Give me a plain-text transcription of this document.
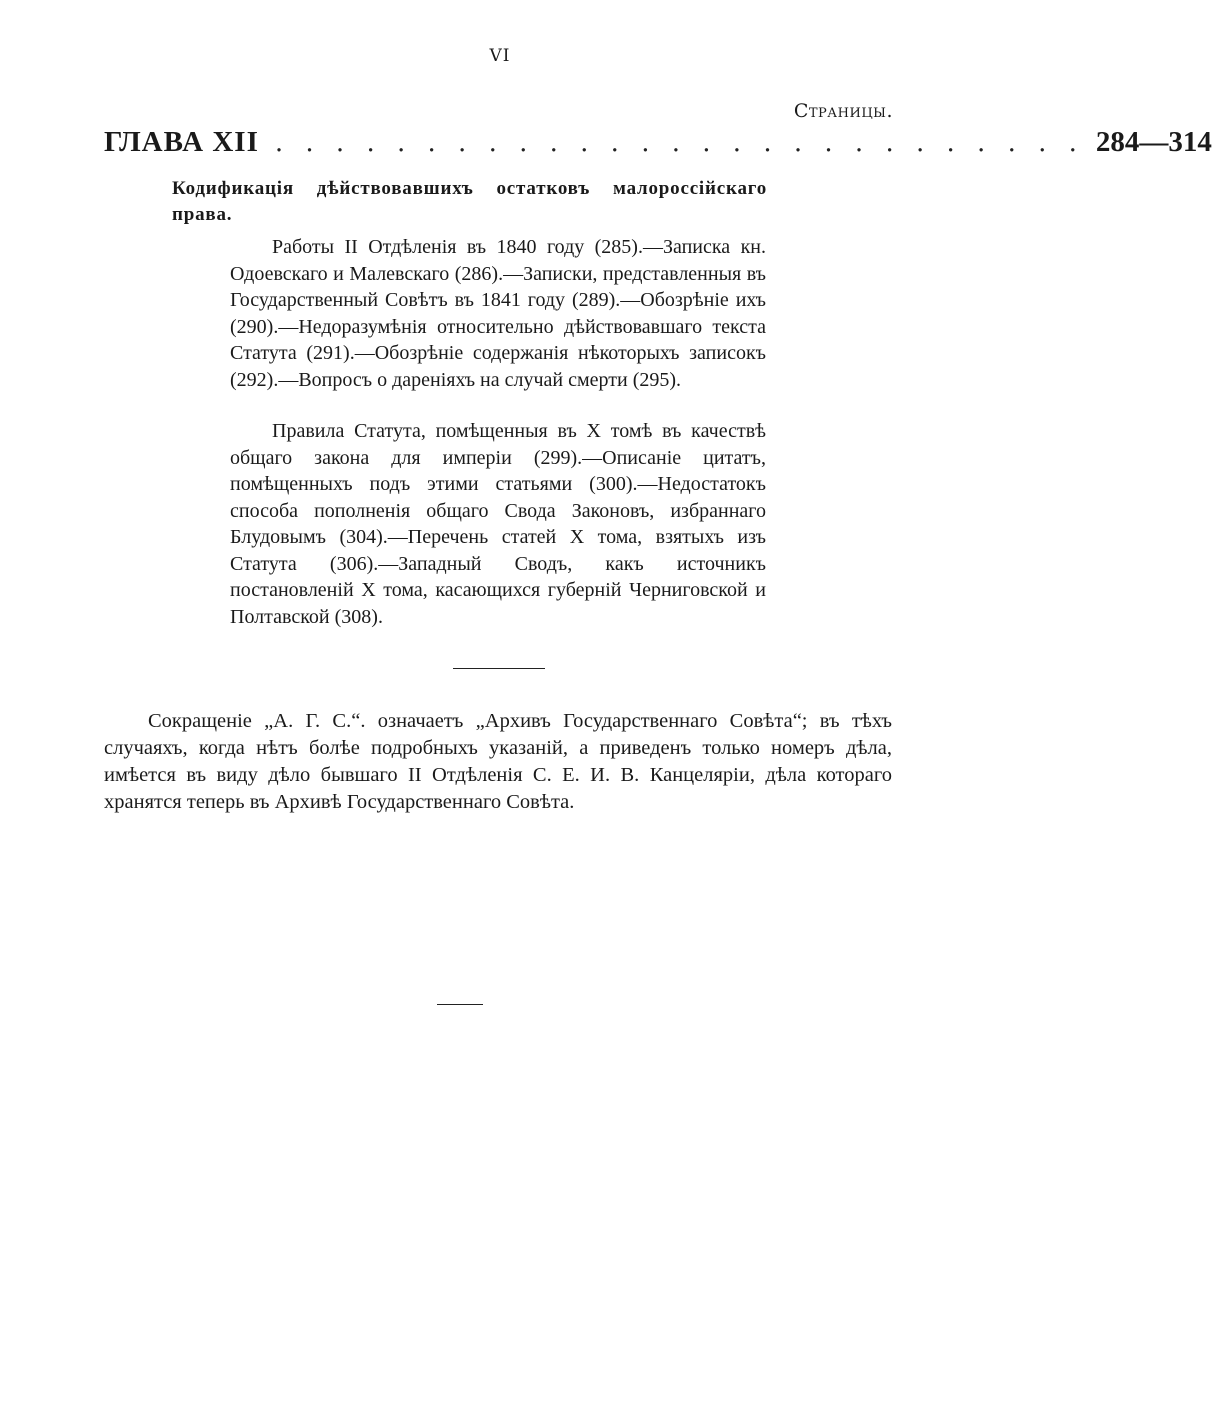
VI
Страницы.
ГЛАВА XII . . . . . . . . . . . . . . . . . . . . . . . . . . . 284—314
Кодификація дѣйствовавшихъ остатковъ малороссійскаго права.

Работы II Отдѣленія въ 1840 году (285).—Записка кн. Одоевскаго и Малевскаго (286).—Записки, представленныя въ Государственный Совѣтъ въ 1841 году (289).—Обозрѣніе ихъ (290).—Недоразумѣнія относительно дѣйствовавшаго текста Статута (291).—Обозрѣніе содержанія нѣкоторыхъ записокъ (292).—Вопросъ о дареніяхъ на случай смерти (295).

Правила Статута, помѣщенныя въ X томѣ въ качествѣ общаго закона для имперіи (299).—Описаніе цитатъ, помѣщенныхъ подъ этими статьями (300).—Недостатокъ способа пополненія общаго Свода Законовъ, избраннаго Блудовымъ (304).—Перечень статей X тома, взятыхъ изъ Статута (306).—Западный Сводъ, какъ источникъ постановленій X тома, касающихся губерній Черниговской и Полтавской (308).

Сокращеніе „А. Г. С.“. означаетъ „Архивъ Государственнаго Совѣта“; въ тѣхъ случаяхъ, когда нѣтъ болѣе подробныхъ указаній, а приведенъ только номеръ дѣла, имѣется въ виду дѣло бывшаго II Отдѣленія С. Е. И. В. Канцеляріи, дѣла котораго хранятся теперь въ Архивѣ Государственнаго Совѣта.
